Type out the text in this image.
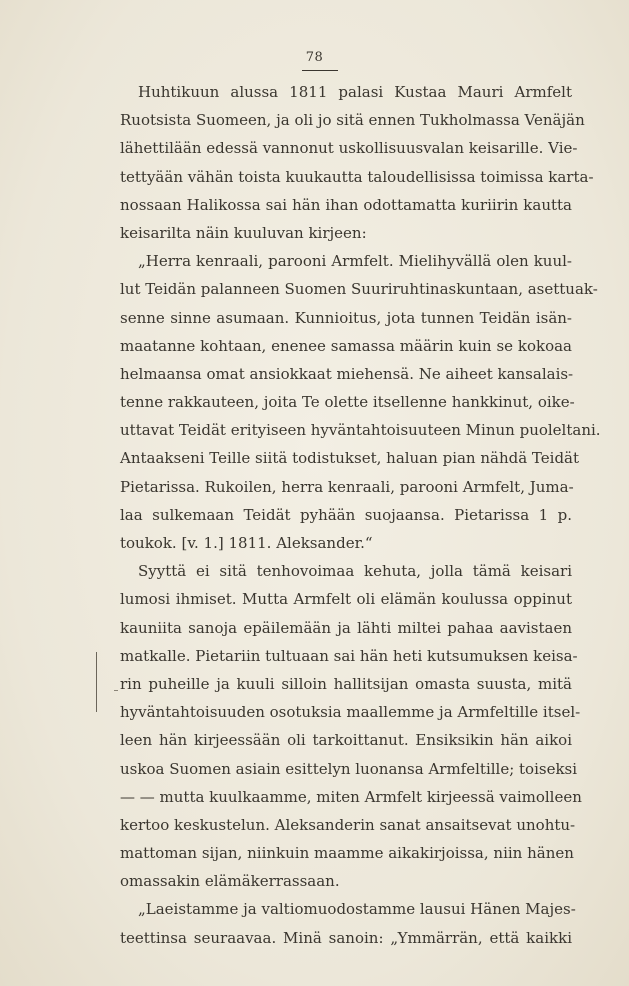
78
Huhtikuun alussa 1811 palasi Kustaa Mauri Armfelt
Ruotsista Suomeen, ja oli jo sitä ennen Tukholmassa Venäjän
lähettilään edessä vannonut uskollisuusvalan keisarille. Vie-
tettyään vähän toista kuukautta taloudellisissa toimissa karta-
nossaan Halikossa sai hän ihan odottamatta kuriirin kautta
keisarilta näin kuuluvan kirjeen:
„Herra kenraali, parooni Armfelt. Mielihyvällä olen kuul-
lut Teidän palanneen Suomen Suuriruhtinaskuntaan, asettuak-
senne sinne asumaan. Kunnioitus, jota tunnen Teidän isän-
maatanne kohtaan, enenee samassa määrin kuin se kokoaa
helmaansa omat ansiokkaat miehensä. Ne aiheet kansalais-
tenne rakkauteen, joita Te olette itsellenne hankkinut, oike-
uttavat Teidät erityiseen hyväntahtoisuuteen Minun puoleltani.
Antaakseni Teille siitä todistukset, haluan pian nähdä Teidät
Pietarissa. Rukoilen, herra kenraali, parooni Armfelt, Juma-
laa sulkemaan Teidät pyhään suojaansa. Pietarissa 1 p.
toukok. [v. 1.] 1811. Aleksander.“
Syyttä ei sitä tenhovoimaa kehuta, jolla tämä keisari
lumosi ihmiset. Mutta Armfelt oli elämän koulussa oppinut
kauniita sanoja epäilemään ja lähti miltei pahaa aavistaen
matkalle. Pietariin tultuaan sai hän heti kutsumuksen keisa-
rin puheille ja kuuli silloin hallitsijan omasta suusta, mitä
hyväntahtoisuuden osotuksia maallemme ja Armfeltille itsel-
leen hän kirjeessään oli tarkoittanut. Ensiksikin hän aikoi
uskoa Suomen asiain esittelyn luonansa Armfeltille; toiseksi
— — mutta kuulkaamme, miten Armfelt kirjeessä vaimolleen
kertoo keskustelun. Aleksanderin sanat ansaitsevat unohtu-
mattoman sijan, niinkuin maamme aikakirjoissa, niin hänen
omassakin elämäkerrassaan.
„Laeistamme ja valtiomuodostamme lausui Hänen Majes-
teettinsa seuraavaa. Minä sanoin: „Ymmärrän, että kaikki
